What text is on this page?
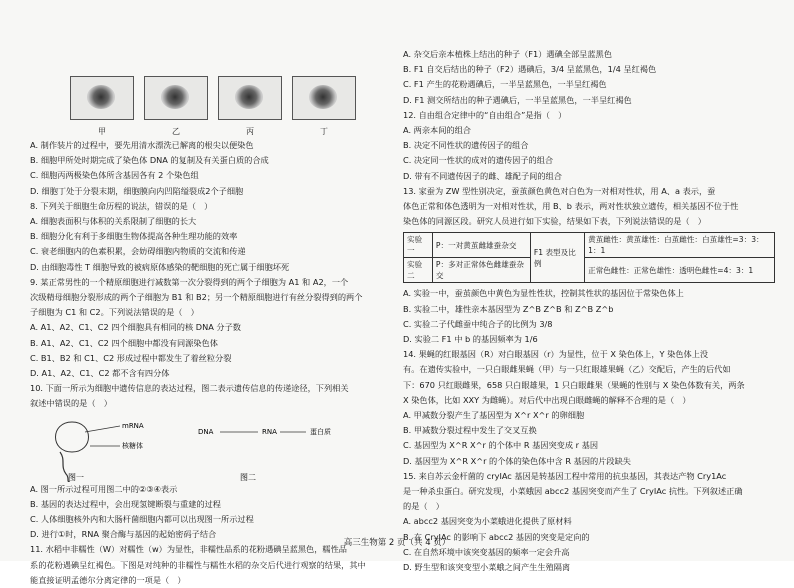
甲	乙	丙	丁
A. 制作装片的过程中，要先用清水漂洗已解离的根尖以便染色
B. 细胞甲所处时期完成了染色体 DNA 的复制及有关蛋白质的合成
C. 细胞丙两极染色体所含基因各有 2 个染色组
D. 细胞丁处于分裂末期，细胞膜向内凹陷缢裂成2个子细胞
8. 下列关于细胞生命历程的说法，错误的是（　）
A. 细胞表面积与体积的关系限制了细胞的长大
B. 细胞分化有利于多细胞生物体提高各种生理功能的效率
C. 衰老细胞内的色素积累，会妨碍细胞内物质的交流和传递
D. 由细胞毒性 T 细胞导致的被病原体感染的靶细胞的死亡属于细胞坏死
9. 某正常男性的一个精原细胞进行减数第一次分裂得到的两个子细胞为 A1 和 A2，一个
次级精母细胞分裂形成的两个子细胞为 B1 和 B2；另一个精原细胞进行有丝分裂得到的两个
子细胞为 C1 和 C2。下列说法错误的是（　）
A. A1、A2、C1、C2 四个细胞具有相同的核 DNA 分子数
B. A1、A2、C1、C2 四个细胞中都没有同源染色体
C. B1、B2 和 C1、C2 形成过程中都发生了着丝粒分裂
D. A1、A2、C1、C2 都不含有四分体
10. 下面一所示为细胞中遗传信息的表达过程，图二表示遗传信息的传递途径，下列相关
叙述中错误的是（　）
mRNA
核糖体
DNA	RNA	蛋白质
图一	图二
A. 图一所示过程可用图二中的②③④表示
B. 基因的表达过程中，会出现氢键断裂与重建的过程
C. 人体细胞核外内和大肠杆菌细胞内都可以出现图一所示过程
D. 进行①时，RNA 聚合酶与基因的起始密码子结合
11. 水稻中非糯性（W）对糯性（w）为显性，非糯性品系的花粉遇碘呈蓝黑色，糯性品
系的花粉遇碘呈红褐色。下图是对纯种的非糯性与糯性水稻的杂交后代进行观察的结果，其中
能直接证明孟德尔分离定律的一项是（　）
A. 杂交后亲本植株上结出的种子（F1）遇碘全部呈蓝黑色
B. F1 自交后结出的种子（F2）遇碘后，3/4 呈蓝黑色，1/4 呈红褐色
C. F1 产生的花粉遇碘后，一半呈蓝黑色，一半呈红褐色
D. F1 测交所结出的种子遇碘后，一半呈蓝黑色，一半呈红褐色
12. 自由组合定律中的“自由组合”是指（　）
A. 两亲本间的组合
B. 决定不同性状的遗传因子的组合
C. 决定同一性状的成对的遗传因子的组合
D. 带有不同遗传因子的雌、雄配子间的组合
13. 家蚕为 ZW 型性别决定，蚕茧颜色黄色对白色为一对相对性状，用 A、a 表示，蚕
体色正常和体色透明为一对相对性状，用 B、b 表示，两对性状独立遗传，相关基因不位于性
染色体的同源区段。研究人员进行如下实验，结果如下表，下列说法错误的是（　）
实验一	P：一对黄茧雌雄蚕杂交	F1 表型及比例	黄茧雌性：黄茧雄性：白茧雌性：白茧雄性=3：3：1：1
实验二	P：多对正常体色雌雄蚕杂交		正常色雌性：正常色雄性：透明色雌性=4：3：1
A. 实验一中，蚕茧颜色中黄色为显性性状，控制其性状的基因位于常染色体上
B. 实验二中，雄性亲本基因型为 Z^B Z^B 和 Z^B Z^b
C. 实验二子代雌蚕中纯合子的比例为 3/8
D. 实验二 F1 中 b 的基因频率为 1/6
14. 果蝇的红眼基因（R）对白眼基因（r）为显性，位于 X 染色体上，Y 染色体上没
有。在遗传实验中，一只白眼雌果蝇（甲）与一只红眼雄果蝇（乙）交配后，产生的后代如
下：670 只红眼雌果，658 只白眼雄果，1 只白眼雌果（果蝇的性别与 X 染色体数有关，两条
X 染色体，比如 XXY 为雌蝇）。对后代中出现白眼雌蝇的解释不合理的是（　）
A. 甲减数分裂产生了基因型为 X^r X^r 的卵细胞
B. 甲减数分裂过程中发生了交叉互换
C. 基因型为 X^R X^r 的个体中 R 基因突变成 r 基因
D. 基因型为 X^R X^r 的个体的染色体中含 R 基因的片段缺失
15. 来自苏云金杆菌的 cryIAc 基因是转基因工程中常用的抗虫基因，其表达产物 Cry1Ac
是一种杀虫蛋白。研究发现，小菜蛾因 abcc2 基因突变而产生了 CryIAc 抗性。下列叙述正确
的是（　）
A. abcc2 基因突变为小菜蛾进化提供了原材料
B. 在 CryIAc 的影响下 abcc2 基因的突变是定向的
C. 在自然环境中该突变基因的频率一定会升高
D. 野生型和该突变型小菜蛾之间产生生殖隔离
高三生物第 2 页（共 4 页）
